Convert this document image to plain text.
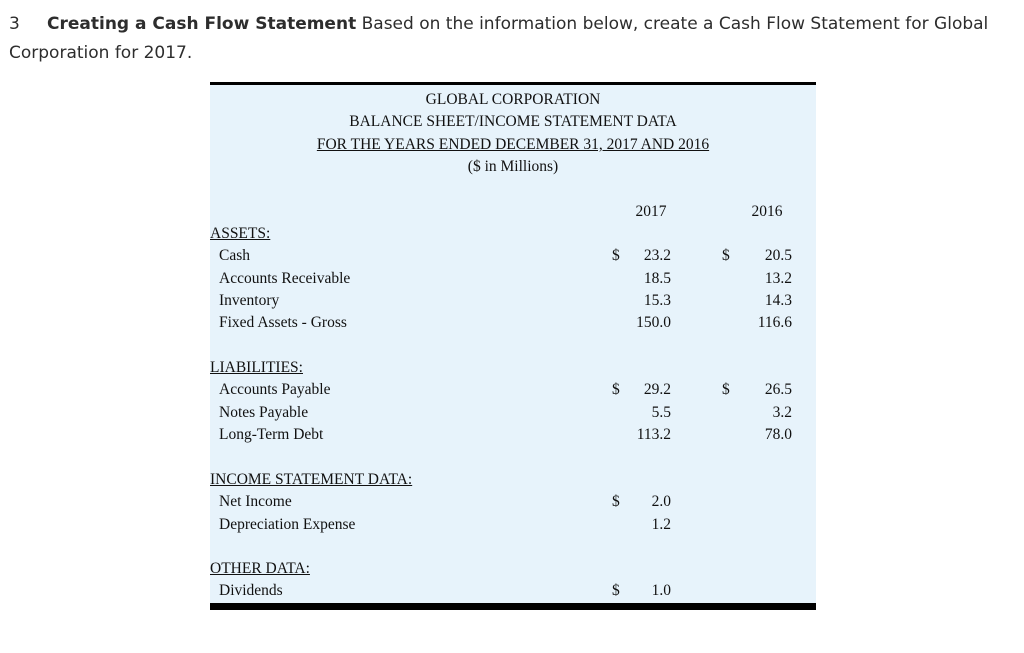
3 Creating a Cash Flow Statement Based on the information below, create a Cash Flow Statement for Global Corporation for 2017.
GLOBAL CORPORATION
BALANCE SHEET/INCOME STATEMENT DATA
FOR THE YEARS ENDED DECEMBER 31, 2017 AND 2016
($ in Millions)
2017	2016
ASSETS:
Cash	$	23.2	$	20.5
Accounts Receivable	18.5	13.2
Inventory	15.3	14.3
Fixed Assets - Gross	150.0	116.6
LIABILITIES:
Accounts Payable	$	29.2	$	26.5
Notes Payable	5.5	3.2
Long-Term Debt	113.2	78.0
INCOME STATEMENT DATA:
Net Income	$	2.0
Depreciation Expense	1.2
OTHER DATA:
Dividends	$	1.0
